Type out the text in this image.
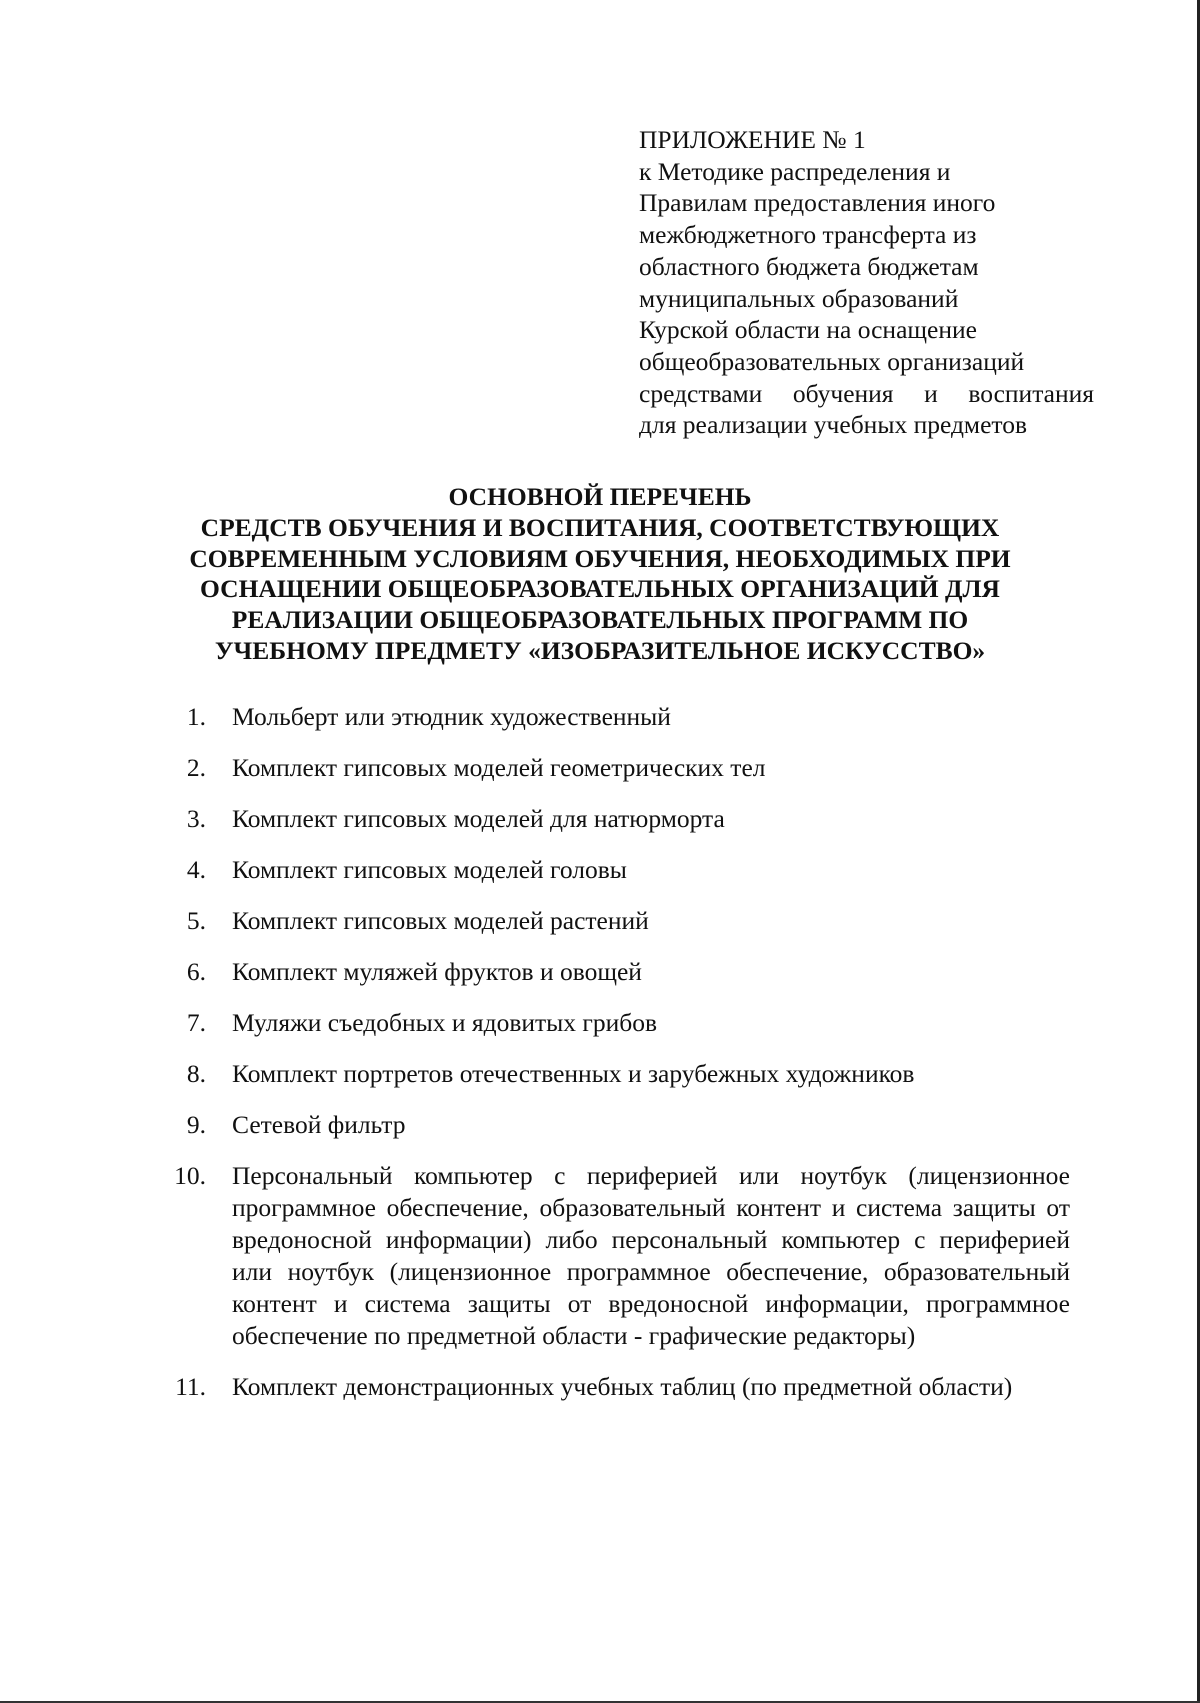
ПРИЛОЖЕНИЕ № 1
к Методике распределения и
Правилам предоставления иного
межбюджетного трансферта из
областного бюджета бюджетам
муниципальных образований
Курской области на оснащение
общеобразовательных организаций
средствами обучения и воспитания
для реализации учебных предметов
ОСНОВНОЙ ПЕРЕЧЕНЬ
СРЕДСТВ ОБУЧЕНИЯ И ВОСПИТАНИЯ, СООТВЕТСТВУЮЩИХ
СОВРЕМЕННЫМ УСЛОВИЯМ ОБУЧЕНИЯ, НЕОБХОДИМЫХ ПРИ
ОСНАЩЕНИИ ОБЩЕОБРАЗОВАТЕЛЬНЫХ ОРГАНИЗАЦИЙ ДЛЯ
РЕАЛИЗАЦИИ ОБЩЕОБРАЗОВАТЕЛЬНЫХ ПРОГРАММ ПО
УЧЕБНОМУ ПРЕДМЕТУ «ИЗОБРАЗИТЕЛЬНОЕ ИСКУССТВО»
1. Мольберт или этюдник художественный
2. Комплект гипсовых моделей геометрических тел
3. Комплект гипсовых моделей для натюрморта
4. Комплект гипсовых моделей головы
5. Комплект гипсовых моделей растений
6. Комплект муляжей фруктов и овощей
7. Муляжи съедобных и ядовитых грибов
8. Комплект портретов отечественных и зарубежных художников
9. Сетевой фильтр
10. Персональный компьютер с периферией или ноутбук (лицензионное
программное обеспечение, образовательный контент и система защиты от
вредоносной информации) либо персональный компьютер с периферией
или ноутбук (лицензионное программное обеспечение, образовательный
контент и система защиты от вредоносной информации, программное
обеспечение по предметной области - графические редакторы)
11. Комплект демонстрационных учебных таблиц (по предметной области)
